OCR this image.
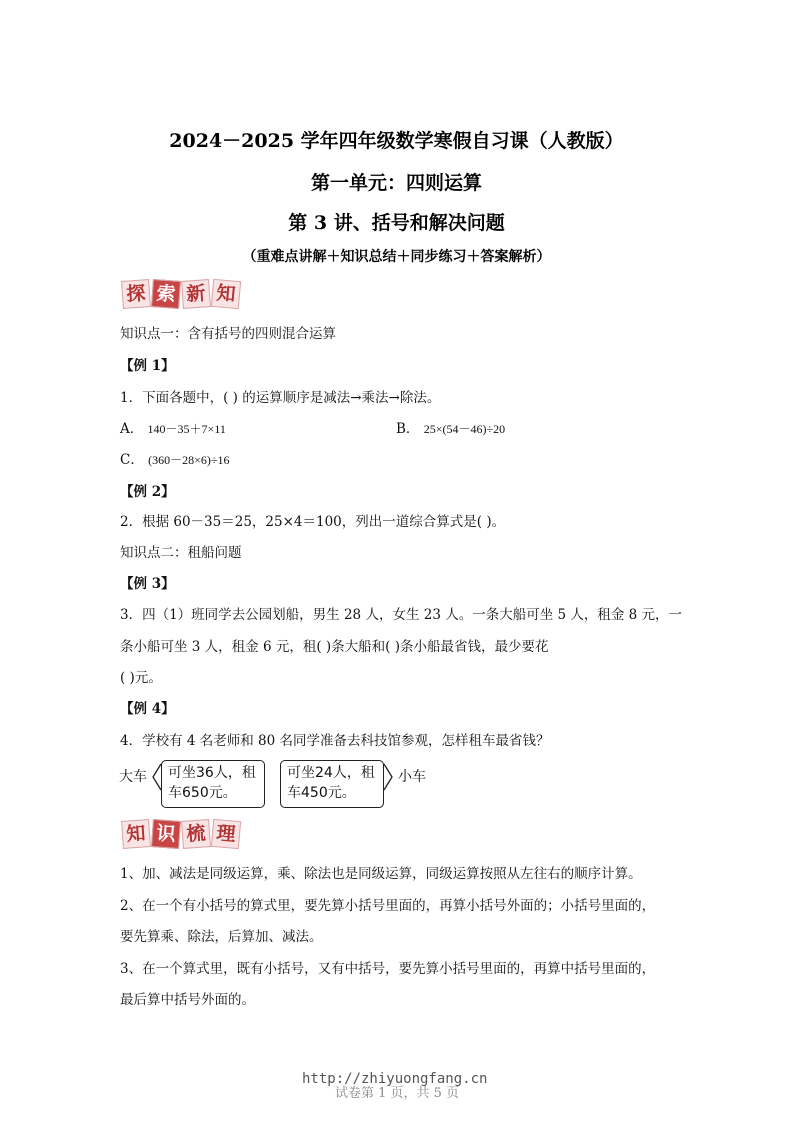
2024－2025 学年四年级数学寒假自习课（人教版）
第一单元：四则运算
第 3 讲、括号和解决问题
（重难点讲解＋知识总结＋同步练习＋答案解析）
探 索 新 知
知识点一：含有括号的四则混合运算
【例 1】
1．下面各题中，( ) 的运算顺序是减法→乘法→除法。
A． 140－35＋7×11	B． 25×(54－46)÷20
C． (360－28×6)÷16
【例 2】
2．根据 60－35＝25，25×4＝100，列出一道综合算式是( )。
知识点二：租船问题
【例 3】
3．四（1）班同学去公园划船，男生 28 人，女生 23 人。一条大船可坐 5 人，租金 8 元，一
条小船可坐 3 人，租金 6 元，租( )条大船和( )条小船最省钱，最少要花
( )元。
【例 4】
4．学校有 4 名老师和 80 名同学准备去科技馆参观，怎样租车最省钱？
大车	可坐36人，租车650元。
可坐24人，租车450元。
小车
知 识 梳 理
1、加、减法是同级运算，乘、除法也是同级运算，同级运算按照从左往右的顺序计算。
2、在一个有小括号的算式里，要先算小括号里面的，再算小括号外面的；小括号里面的，
要先算乘、除法，后算加、减法。
3、在一个算式里，既有小括号，又有中括号，要先算小括号里面的，再算中括号里面的，
最后算中括号外面的。
试卷第 1 页，共 5 页
http://zhiyuongfang.cn
